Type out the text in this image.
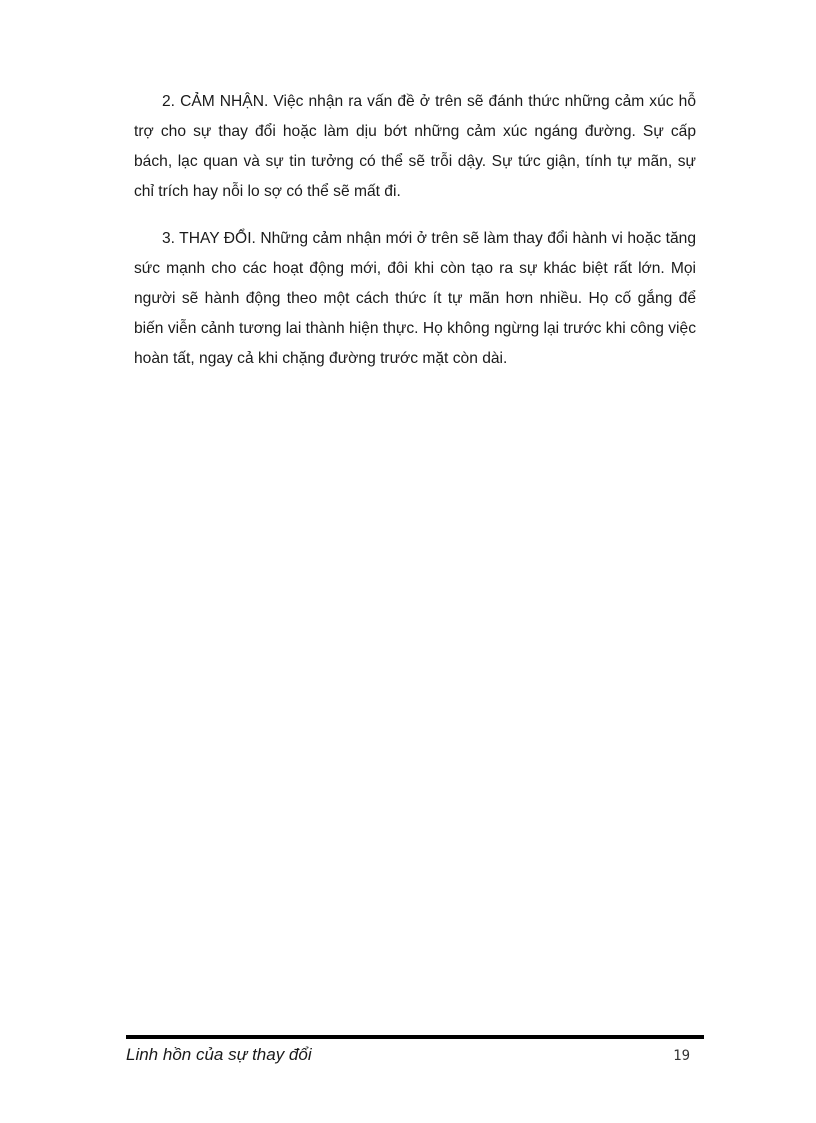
2. CẢM NHẬN. Việc nhận ra vấn đề ở trên sẽ đánh thức những cảm xúc hỗ trợ cho sự thay đổi hoặc làm dịu bớt những cảm xúc ngáng đường. Sự cấp bách, lạc quan và sự tin tưởng có thể sẽ trỗi dậy. Sự tức giận, tính tự mãn, sự chỉ trích hay nỗi lo sợ có thể sẽ mất đi.

3. THAY ĐỔI. Những cảm nhận mới ở trên sẽ làm thay đổi hành vi hoặc tăng sức mạnh cho các hoạt động mới, đôi khi còn tạo ra sự khác biệt rất lớn. Mọi người sẽ hành động theo một cách thức ít tự mãn hơn nhiều. Họ cố gắng để biến viễn cảnh tương lai thành hiện thực. Họ không ngừng lại trước khi công việc hoàn tất, ngay cả khi chặng đường trước mặt còn dài.

Linh hồn của sự thay đổi	19
